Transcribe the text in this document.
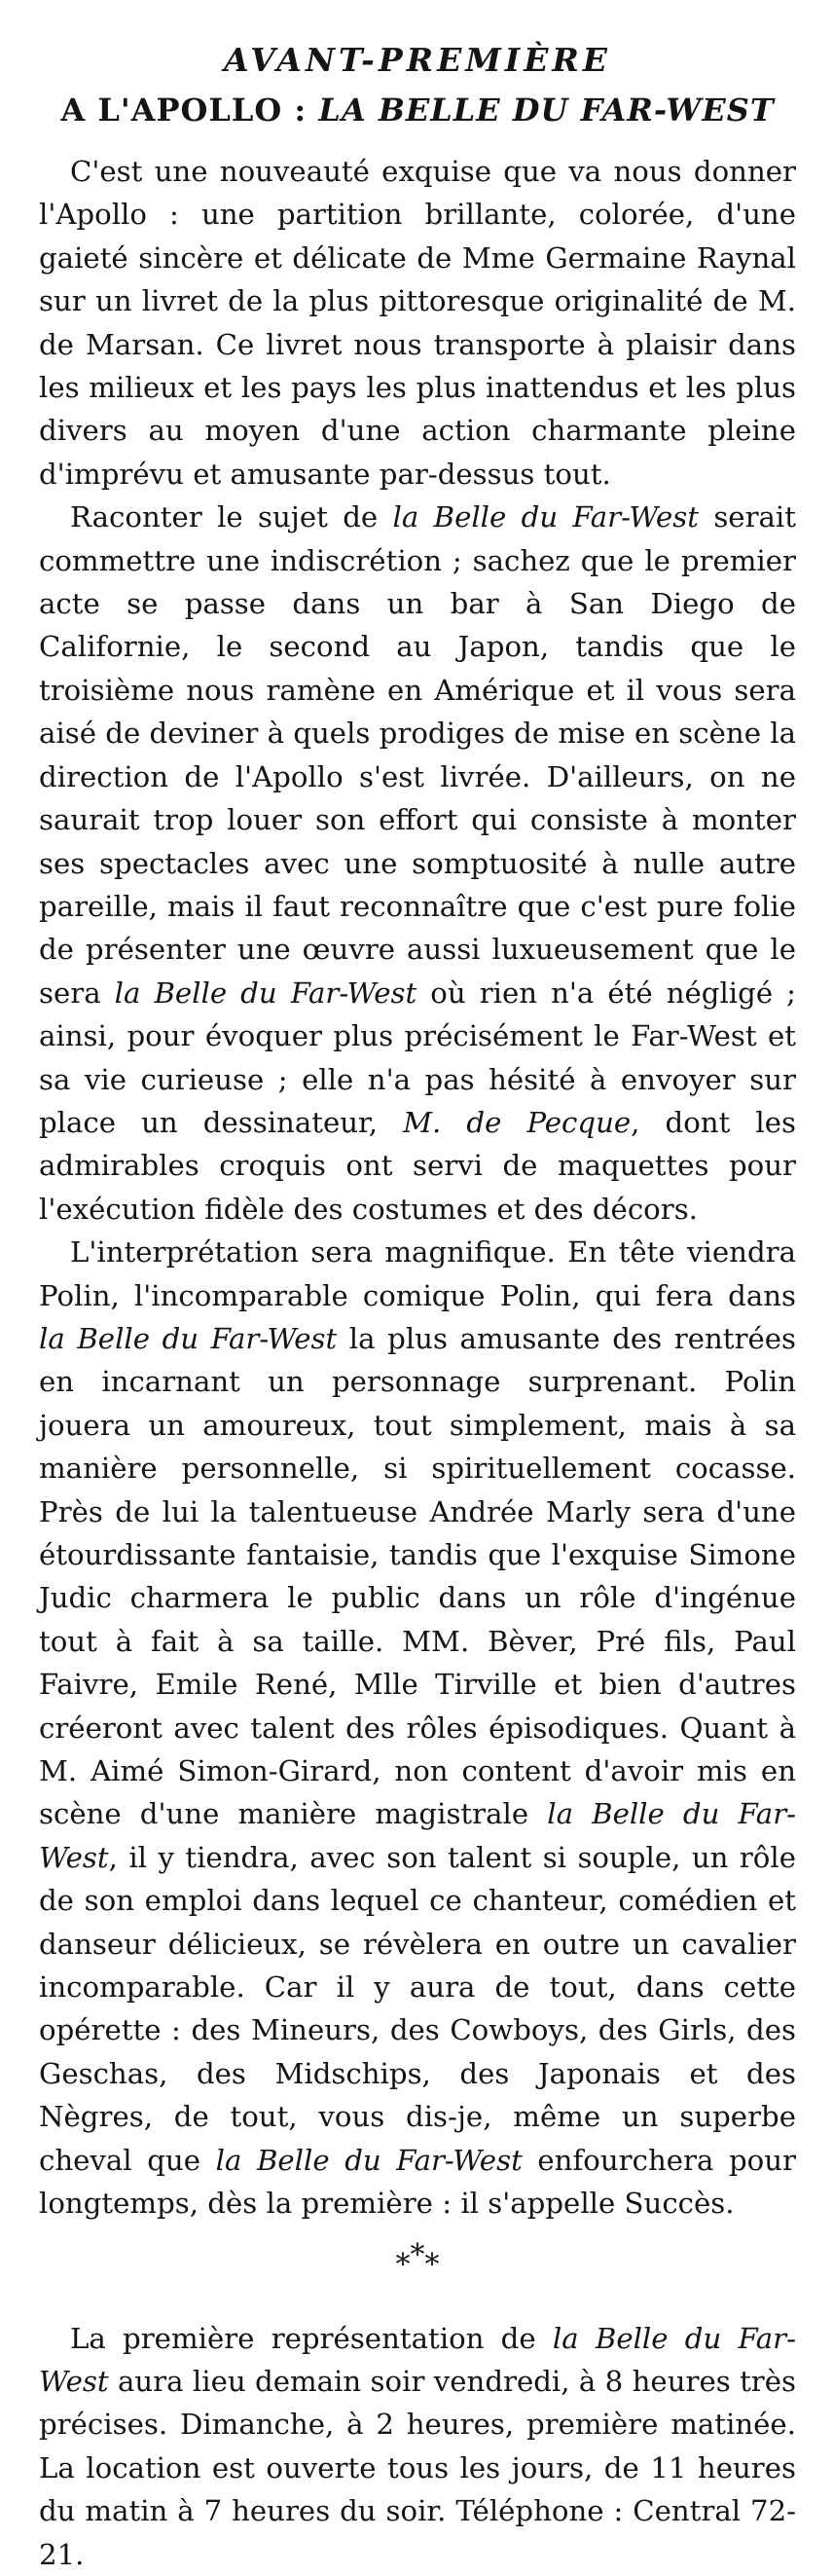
AVANT-PREMIÈRE
A L'APOLLO : LA BELLE DU FAR-WEST

C'est une nouveauté exquise que va nous donner l'Apollo : une partition brillante, colorée, d'une gaieté sincère et délicate de Mme Germaine Raynal sur un livret de la plus pittoresque originalité de M. de Marsan. Ce livret nous transporte à plaisir dans les milieux et les pays les plus inattendus et les plus divers au moyen d'une action charmante pleine d'imprévu et amusante par-dessus tout.

Raconter le sujet de la Belle du Far-West serait commettre une indiscrétion ; sachez que le premier acte se passe dans un bar à San Diego de Californie, le second au Japon, tandis que le troisième nous ramène en Amérique et il vous sera aisé de deviner à quels prodiges de mise en scène la direction de l'Apollo s'est livrée. D'ailleurs, on ne saurait trop louer son effort qui consiste à monter ses spectacles avec une somptuosité à nulle autre pareille, mais il faut reconnaître que c'est pure folie de présenter une œuvre aussi luxueusement que le sera la Belle du Far-West où rien n'a été négligé ; ainsi, pour évoquer plus précisément le Far-West et sa vie curieuse ; elle n'a pas hésité à envoyer sur place un dessinateur, M. de Pecque, dont les admirables croquis ont servi de maquettes pour l'exécution fidèle des costumes et des décors.

L'interprétation sera magnifique. En tête viendra Polin, l'incomparable comique Polin, qui fera dans la Belle du Far-West la plus amusante des rentrées en incarnant un personnage surprenant. Polin jouera un amoureux, tout simplement, mais à sa manière personnelle, si spirituellement cocasse. Près de lui la talentueuse Andrée Marly sera d'une étourdissante fantaisie, tandis que l'exquise Simone Judic charmera le public dans un rôle d'ingénue tout à fait à sa taille. MM. Bèver, Pré fils, Paul Faivre, Emile René, Mlle Tirville et bien d'autres créeront avec talent des rôles épisodiques. Quant à M. Aimé Simon-Girard, non content d'avoir mis en scène d'une manière magistrale la Belle du Far-West, il y tiendra, avec son talent si souple, un rôle de son emploi dans lequel ce chanteur, comédien et danseur délicieux, se révèlera en outre un cavalier incomparable. Car il y aura de tout, dans cette opérette : des Mineurs, des Cowboys, des Girls, des Geschas, des Midschips, des Japonais et des Nègres, de tout, vous dis-je, même un superbe cheval que la Belle du Far-West enfourchera pour longtemps, dès la première : il s'appelle Succès.

***

La première représentation de la Belle du Far-West aura lieu demain soir vendredi, à 8 heures très précises. Dimanche, à 2 heures, première matinée. La location est ouverte tous les jours, de 11 heures du matin à 7 heures du soir. Téléphone : Central 72-21.
